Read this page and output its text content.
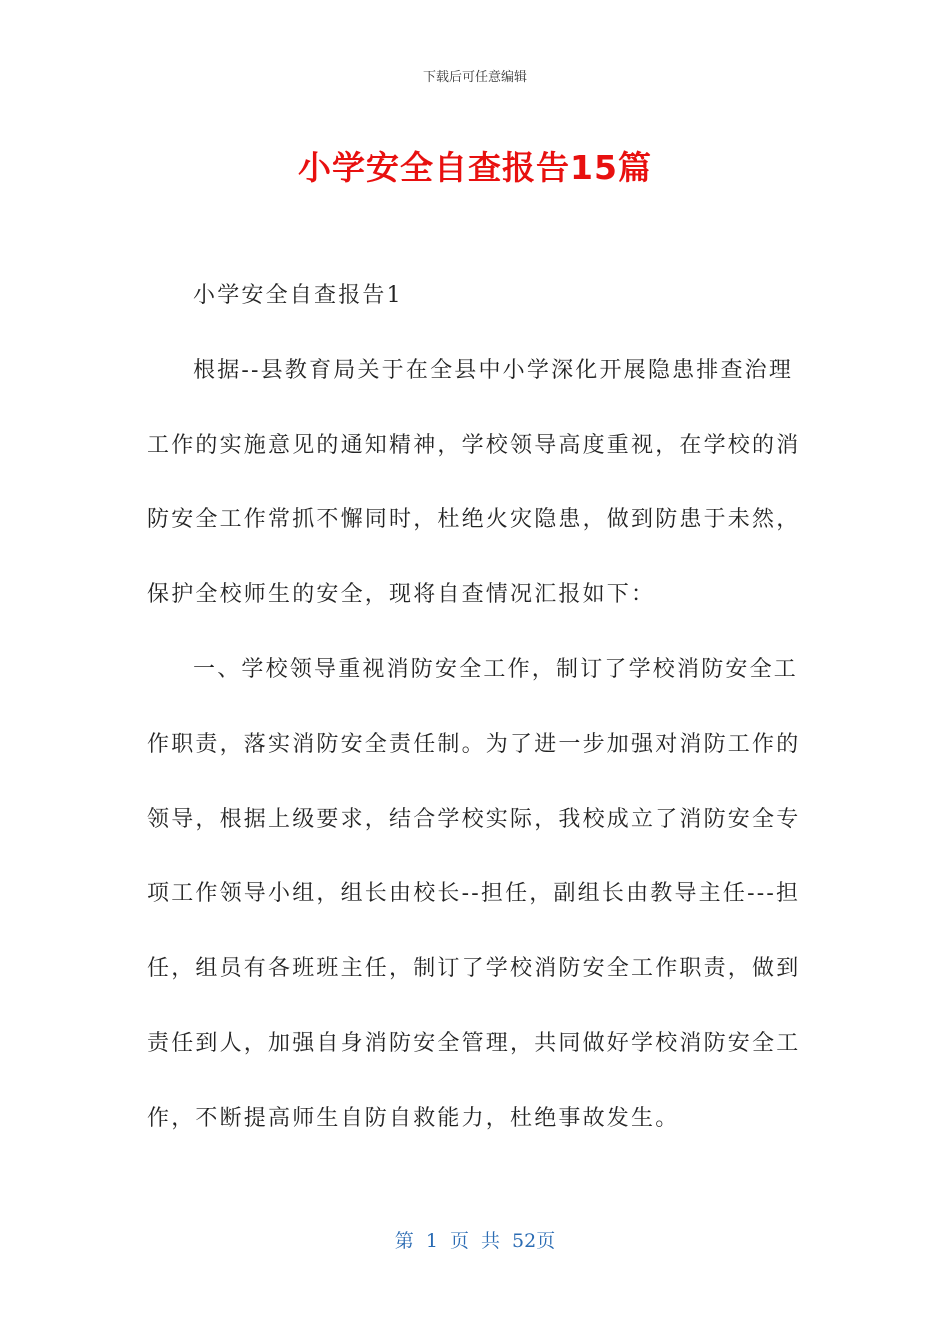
下载后可任意编辑
小学安全自查报告15篇
小学安全自查报告1
根据--县教育局关于在全县中小学深化开展隐患排查治理
工作的实施意见的通知精神，学校领导高度重视，在学校的消
防安全工作常抓不懈同时，杜绝火灾隐患，做到防患于未然，
保护全校师生的安全，现将自查情况汇报如下：
一、学校领导重视消防安全工作，制订了学校消防安全工
作职责，落实消防安全责任制。为了进一步加强对消防工作的
领导，根据上级要求，结合学校实际，我校成立了消防安全专
项工作领导小组，组长由校长--担任，副组长由教导主任---担
任，组员有各班班主任，制订了学校消防安全工作职责，做到
责任到人，加强自身消防安全管理，共同做好学校消防安全工
作，不断提高师生自防自救能力，杜绝事故发生。
第 1 页 共 52页
